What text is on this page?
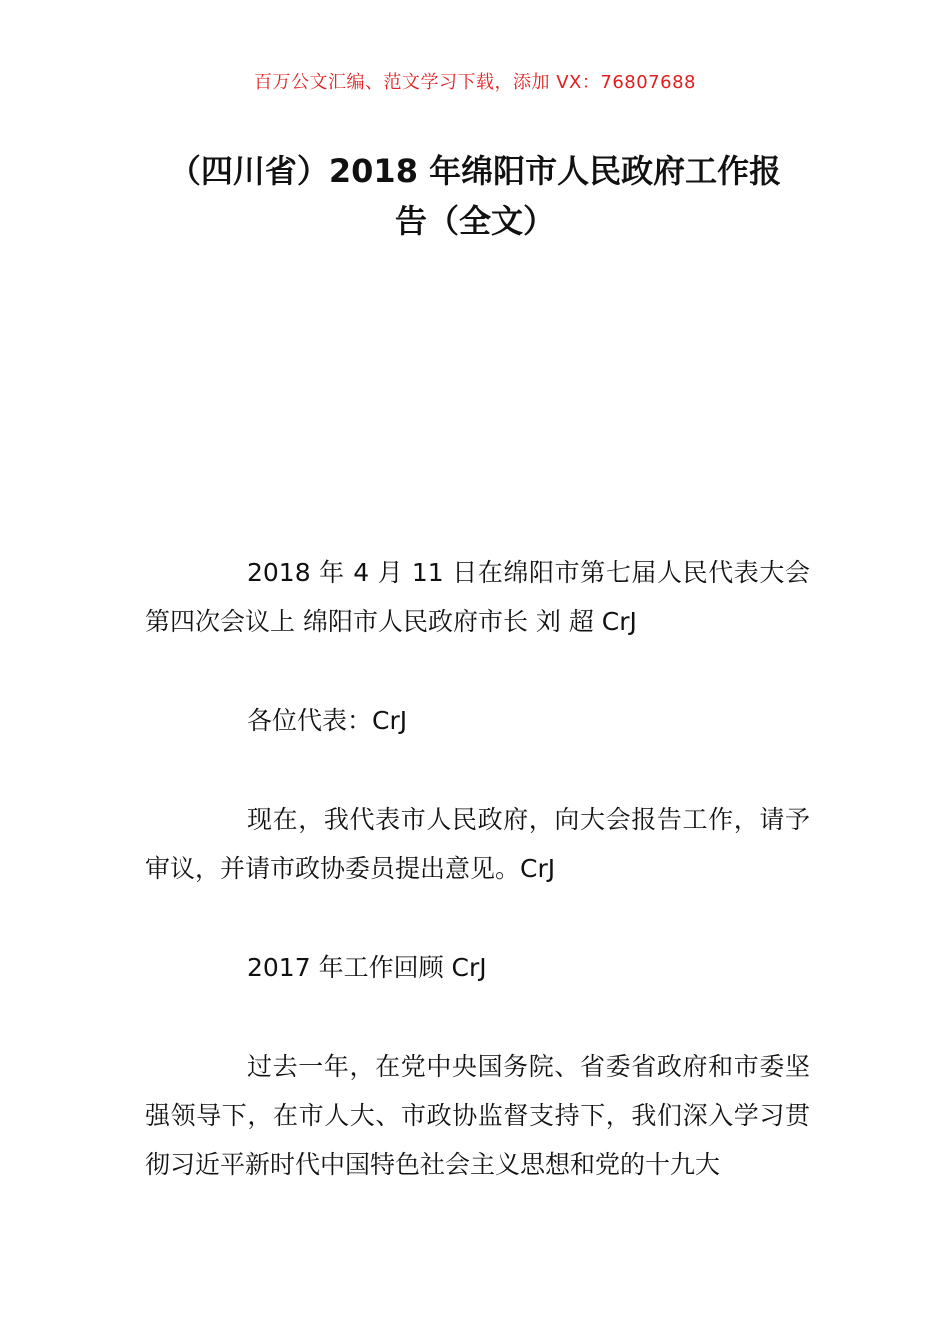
百万公文汇编、范文学习下载，添加 VX：76807688
（四川省）2018 年绵阳市人民政府工作报
告（全文）

2018 年 4 月 11 日在绵阳市第七届人民代表大会第四次会议上 绵阳市人民政府市长 刘 超 CrJ

各位代表：CrJ

现在，我代表市人民政府，向大会报告工作，请予审议，并请市政协委员提出意见。CrJ

2017 年工作回顾 CrJ

过去一年，在党中央国务院、省委省政府和市委坚强领导下，在市人大、市政协监督支持下，我们深入学习贯彻习近平新时代中国特色社会主义思想和党的十九大
